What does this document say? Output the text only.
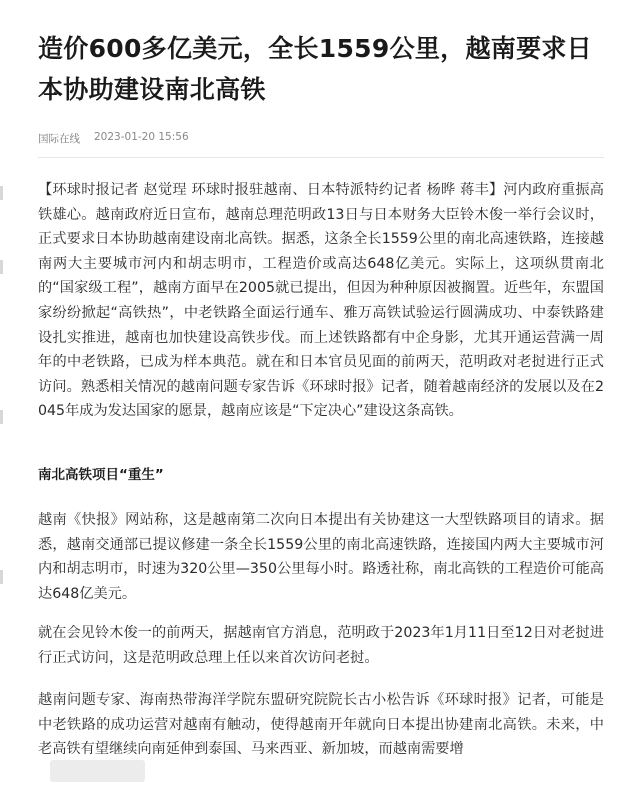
造价600多亿美元，全长1559公里，越南要求日本协助建设南北高铁
国际在线 2023-01-20 15:56

【环球时报记者 赵觉珵 环球时报驻越南、日本特派特约记者 杨晔 蒋丰】河内政府重振高铁雄心。越南政府近日宣布，越南总理范明政13日与日本财务大臣铃木俊一举行会议时，正式要求日本协助越南建设南北高铁。据悉，这条全长1559公里的南北高速铁路，连接越南两大主要城市河内和胡志明市，工程造价或高达648亿美元。实际上，这项纵贯南北的“国家级工程”，越南方面早在2005就已提出，但因为种种原因被搁置。近些年，东盟国家纷纷掀起“高铁热”，中老铁路全面运行通车、雅万高铁试验运行圆满成功、中泰铁路建设扎实推进，越南也加快建设高铁步伐。而上述铁路都有中企身影，尤其开通运营满一周年的中老铁路，已成为样本典范。就在和日本官员见面的前两天，范明政对老挝进行正式访问。熟悉相关情况的越南问题专家告诉《环球时报》记者，随着越南经济的发展以及在2045年成为发达国家的愿景，越南应该是“下定决心”建设这条高铁。

南北高铁项目“重生”

越南《快报》网站称，这是越南第二次向日本提出有关协建这一大型铁路项目的请求。据悉，越南交通部已提议修建一条全长1559公里的南北高速铁路，连接国内两大主要城市河内和胡志明市，时速为320公里—350公里每小时。路透社称，南北高铁的工程造价可能高达648亿美元。

就在会见铃木俊一的前两天，据越南官方消息，范明政于2023年1月11日至12日对老挝进行正式访问，这是范明政总理上任以来首次访问老挝。

越南问题专家、海南热带海洋学院东盟研究院院长古小松告诉《环球时报》记者，可能是中老铁路的成功运营对越南有触动，使得越南开年就向日本提出协建南北高铁。未来，中老高铁有望继续向南延伸到泰国、马来西亚、新加坡，而越南需要增
